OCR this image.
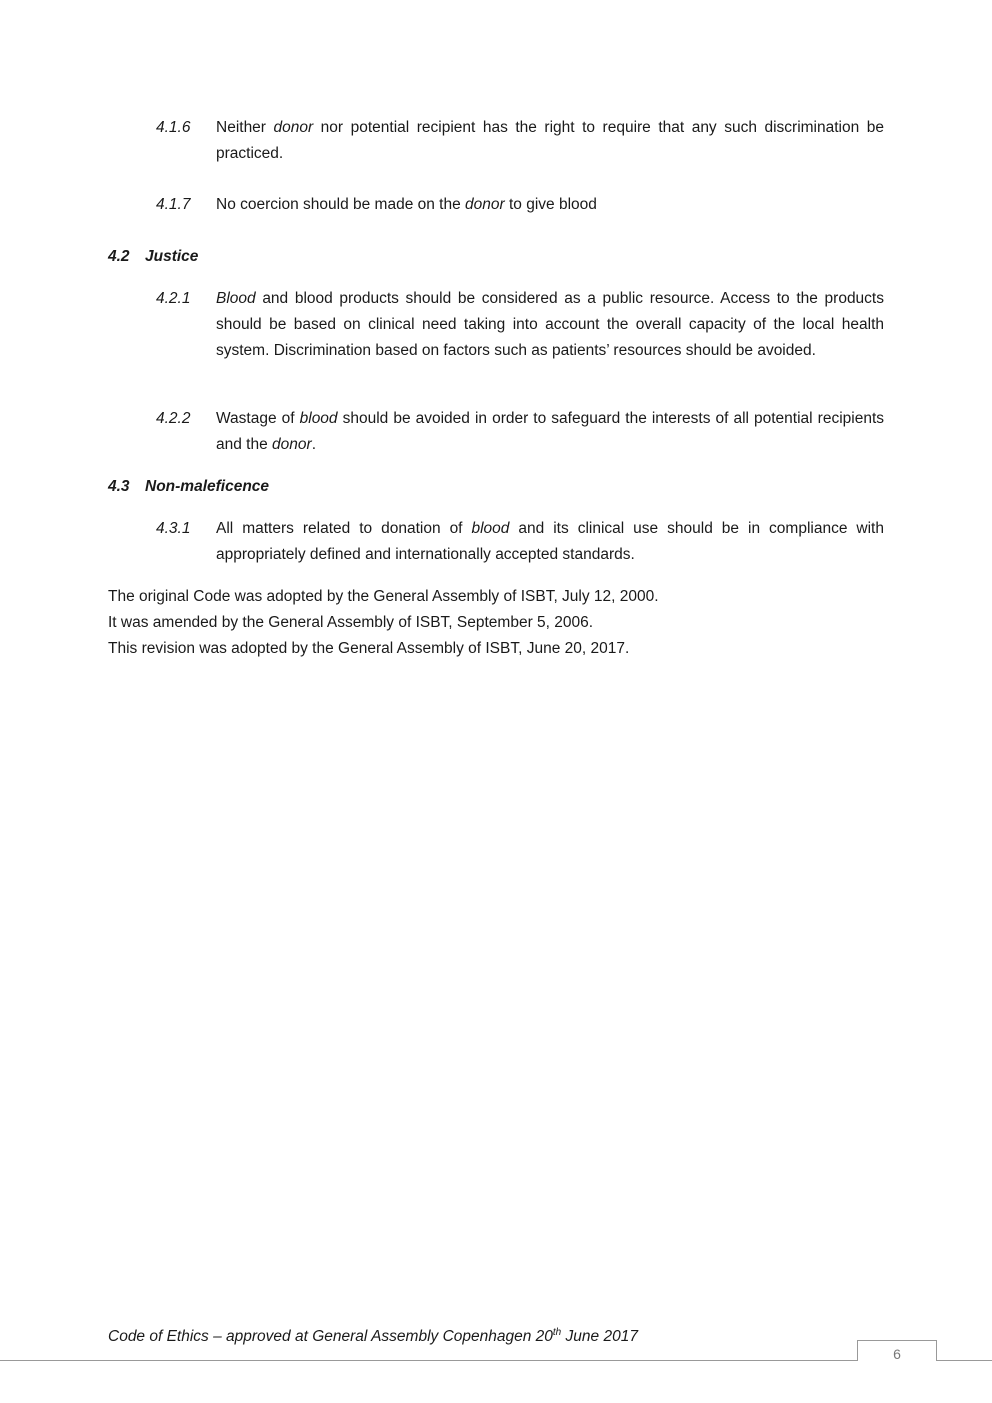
4.1.6 Neither donor nor potential recipient has the right to require that any such discrimination be practiced.
4.1.7 No coercion should be made on the donor to give blood
4.2 Justice
4.2.1 Blood and blood products should be considered as a public resource. Access to the products should be based on clinical need taking into account the overall capacity of the local health system. Discrimination based on factors such as patients’ resources should be avoided.
4.2.2 Wastage of blood should be avoided in order to safeguard the interests of all potential recipients and the donor.
4.3 Non-maleficence
4.3.1 All matters related to donation of blood and its clinical use should be in compliance with appropriately defined and internationally accepted standards.
The original Code was adopted by the General Assembly of ISBT, July 12, 2000.
It was amended by the General Assembly of ISBT, September 5, 2006.
This revision was adopted by the General Assembly of ISBT, June 20, 2017.
Code of Ethics – approved at General Assembly Copenhagen 20th June 2017
6
